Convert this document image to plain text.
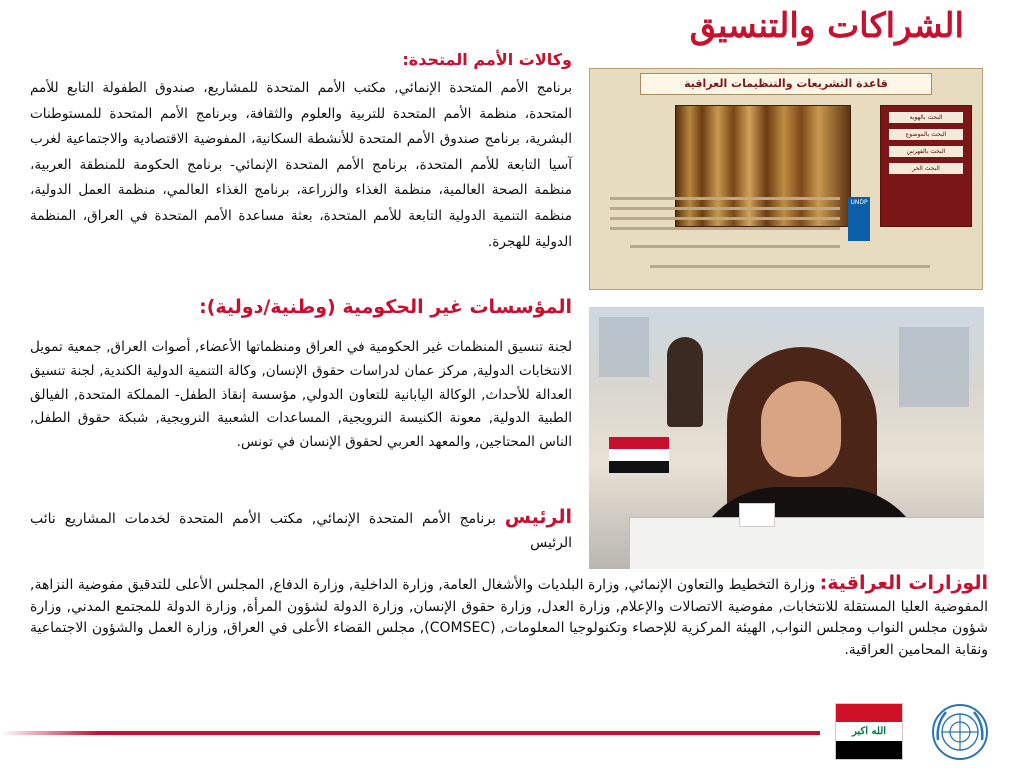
الشراكات والتنسيق
وكالات الأمم المتحدة:
برنامج الأمم المتحدة الإنمائي, مكتب الأمم المتحدة للمشاريع، صندوق الطفولة التابع للأمم المتحدة، منظمة الأمم المتحدة للتربية والعلوم والثقافة، وبرنامج الأمم المتحدة للمستوطنات البشرية، برنامج صندوق الأمم المتحدة للأنشطة السكانية، المفوضية الاقتصادية والاجتماعية لغرب آسيا التابعة للأمم المتحدة، برنامج الأمم المتحدة الإنمائي- برنامج الحكومة للمنطقة العربية، منظمة الصحة العالمية، منظمة الغذاء والزراعة، برنامج الغذاء العالمي، منظمة العمل الدولية، منظمة التنمية الدولية التابعة للأمم المتحدة، بعثة مساعدة الأمم المتحدة في العراق، المنظمة الدولية للهجرة.
المؤسسات غير الحكومية (وطنية/دولية):
لجنة تنسيق المنظمات غير الحكومية في العراق ومنظماتها الأعضاء, أصوات العراق, جمعية تمويل الانتخابات الدولية, مركز عمان لدراسات حقوق الإنسان, وكالة التنمية الدولية الكندية, لجنة تنسيق العدالة للأحداث, الوكالة اليابانية للتعاون الدولي, مؤسسة إنقاذ الطفل- المملكة المتحدة, الفيالق الطبية الدولية, معونة الكنيسة النرويجية, المساعدات الشعبية النرويجية, شبكة حقوق الطفل, الناس المحتاجين, والمعهد العربي لحقوق الإنسان في تونس.
الرئيس برنامج الأمم المتحدة الإنمائي, مكتب الأمم المتحدة لخدمات المشاريع نائب الرئيس
الوزارات العراقية: وزارة التخطيط والتعاون الإنمائي, وزارة البلديات والأشغال العامة, وزارة الداخلية, وزارة الدفاع, المجلس الأعلى للتدقيق مفوضية النزاهة, المفوضية العليا المستقلة للانتخابات, مفوضية الاتصالات والإعلام, وزارة العدل, وزارة حقوق الإنسان, وزارة الدولة لشؤون المرأة, وزارة الدولة للمجتمع المدني, وزارة شؤون مجلس النواب ومجلس النواب, الهيئة المركزية للإحصاء وتكنولوجيا المعلومات, (COMSEC), مجلس القضاء الأعلى في العراق, وزارة العمل والشؤون الاجتماعية ونقابة المحامين العراقية.
قاعدة التشريعات والتنظيمات العراقية
البحث بالهوية
البحث بالموضوع
البحث بالفهرس
البحث الحر
UNDP
الله اكبر
